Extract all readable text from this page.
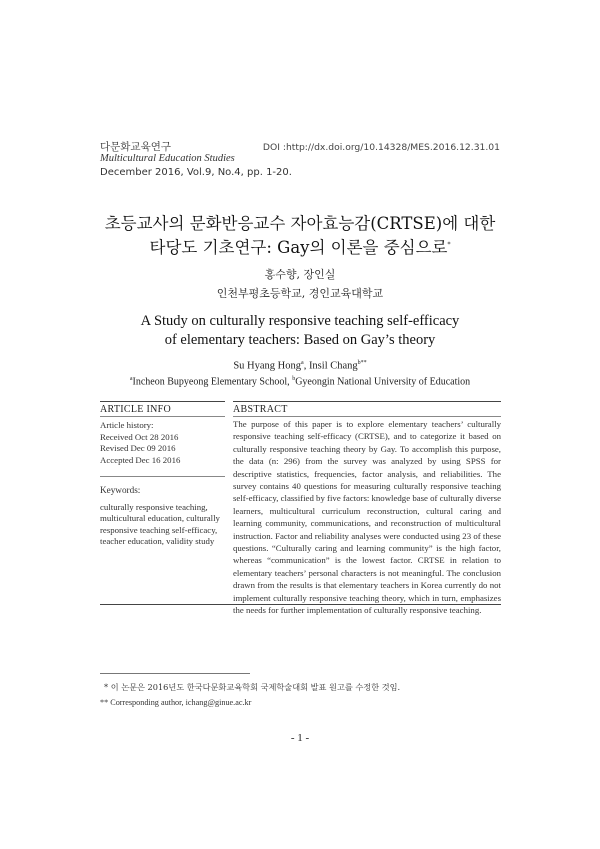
다문화교육연구
Multicultural Education Studies
December 2016, Vol.9, No.4, pp. 1-20.
DOI :http://dx.doi.org/10.14328/MES.2016.12.31.01
초등교사의 문화반응교수 자아효능감(CRTSE)에 대한
타당도 기초연구: Gay의 이론을 중심으로*
홍수향, 장인실
인천부평초등학교, 경인교육대학교
A Study on culturally responsive teaching self-efficacy
of elementary teachers: Based on Gay’s theory
Su Hyang Hong$^a$, Insil Chang$^{b**}$
$^a$Incheon Bupyeong Elementary School, $^b$Gyeongin National University of Education
ARTICLE INFO
Article history:
Received Oct 28 2016
Revised Dec 09 2016
Accepted Dec 16 2016
Keywords:
culturally responsive teaching, multicultural education, culturally responsive teaching self-efficacy, teacher education, validity study
ABSTRACT
The purpose of this paper is to explore elementary teachers’ culturally responsive teaching self-efficacy (CRTSE), and to categorize it based on culturally responsive teaching theory by Gay. To accomplish this purpose, the data (n: 296) from the survey was analyzed by using SPSS for descriptive statistics, frequencies, factor analysis, and reliabilities. The survey contains 40 questions for measuring culturally responsive teaching self-efficacy, classified by five factors: knowledge base of culturally diverse learners, multicultural curriculum reconstruction, cultural caring and learning community, communications, and reconstruction of multicultural instruction. Factor and reliability analyses were conducted using 23 of these questions. “Culturally caring and learning community” is the high factor, whereas “communication” is the lowest factor. CRTSE in relation to elementary teachers’ personal characters is not meaningful. The conclusion drawn from the results is that elementary teachers in Korea currently do not implement culturally responsive teaching theory, which in turn, emphasizes the needs for further implementation of culturally responsive teaching.
* 이 논문은 2016년도 한국다문화교육학회 국제학술대회 발표 원고를 수정한 것임.
** Corresponding author, ichang@ginue.ac.kr
- 1 -
